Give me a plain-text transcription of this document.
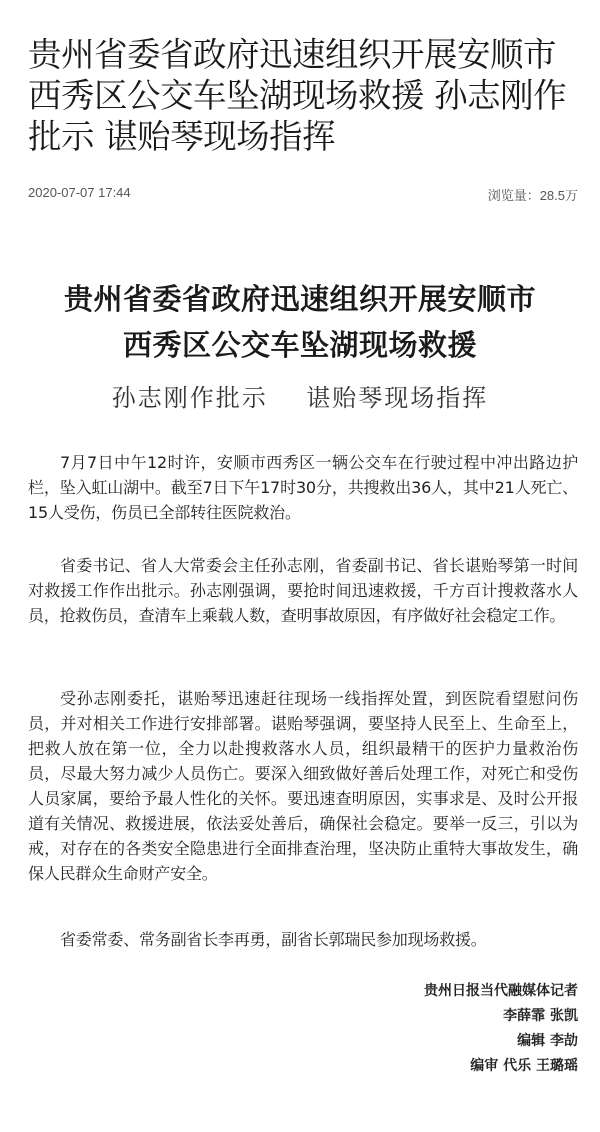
贵州省委省政府迅速组织开展安顺市西秀区公交车坠湖现场救援 孙志刚作批示 谌贻琴现场指挥
2020-07-07 17:44	浏览量：28.5万
贵州省委省政府迅速组织开展安顺市
西秀区公交车坠湖现场救援
孙志刚作批示    谌贻琴现场指挥

7月7日中午12时许，安顺市西秀区一辆公交车在行驶过程中冲出路边护栏，坠入虹山湖中。截至7日下午17时30分，共搜救出36人，其中21人死亡、15人受伤，伤员已全部转往医院救治。

省委书记、省人大常委会主任孙志刚，省委副书记、省长谌贻琴第一时间对救援工作作出批示。孙志刚强调，要抢时间迅速救援，千方百计搜救落水人员，抢救伤员，查清车上乘载人数，查明事故原因，有序做好社会稳定工作。

受孙志刚委托，谌贻琴迅速赶往现场一线指挥处置，到医院看望慰问伤员，并对相关工作进行安排部署。谌贻琴强调，要坚持人民至上、生命至上，把救人放在第一位，全力以赴搜救落水人员，组织最精干的医护力量救治伤员，尽最大努力减少人员伤亡。要深入细致做好善后处理工作，对死亡和受伤人员家属，要给予最人性化的关怀。要迅速查明原因，实事求是、及时公开报道有关情况、救援进展，依法妥处善后，确保社会稳定。要举一反三，引以为戒，对存在的各类安全隐患进行全面排查治理，坚决防止重特大事故发生，确保人民群众生命财产安全。

省委常委、常务副省长李再勇，副省长郭瑞民参加现场救援。

贵州日报当代融媒体记者
李薛霏 张凯
编辑 李劼
编审 代乐 王璐瑶
